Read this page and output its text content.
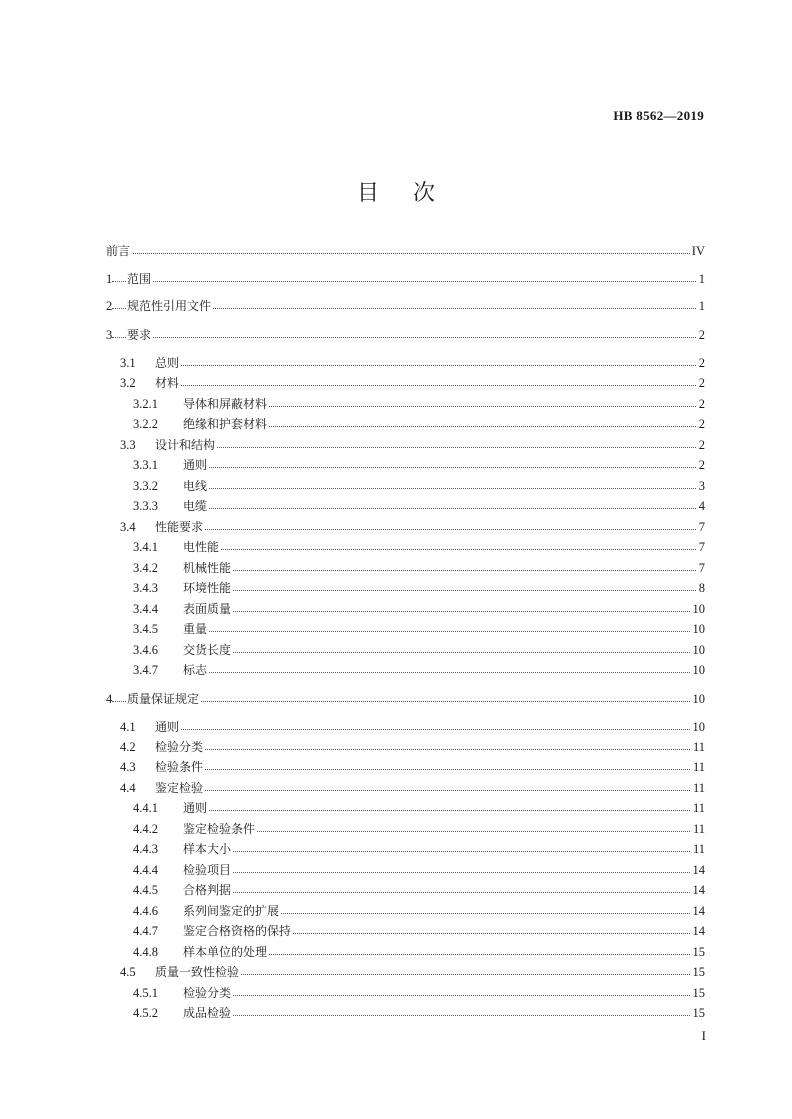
HB 8562—2019
目次
前言	IV
1 范围	1
2 规范性引用文件	1
3 要求	2
3.1 总则	2
3.2 材料	2
3.2.1 导体和屏蔽材料	2
3.2.2 绝缘和护套材料	2
3.3 设计和结构	2
3.3.1 通则	2
3.3.2 电线	3
3.3.3 电缆	4
3.4 性能要求	7
3.4.1 电性能	7
3.4.2 机械性能	7
3.4.3 环境性能	8
3.4.4 表面质量	10
3.4.5 重量	10
3.4.6 交货长度	10
3.4.7 标志	10
4 质量保证规定	10
4.1 通则	10
4.2 检验分类	11
4.3 检验条件	11
4.4 鉴定检验	11
4.4.1 通则	11
4.4.2 鉴定检验条件	11
4.4.3 样本大小	11
4.4.4 检验项目	14
4.4.5 合格判据	14
4.4.6 系列间鉴定的扩展	14
4.4.7 鉴定合格资格的保持	14
4.4.8 样本单位的处理	15
4.5 质量一致性检验	15
4.5.1 检验分类	15
4.5.2 成品检验	15
I
